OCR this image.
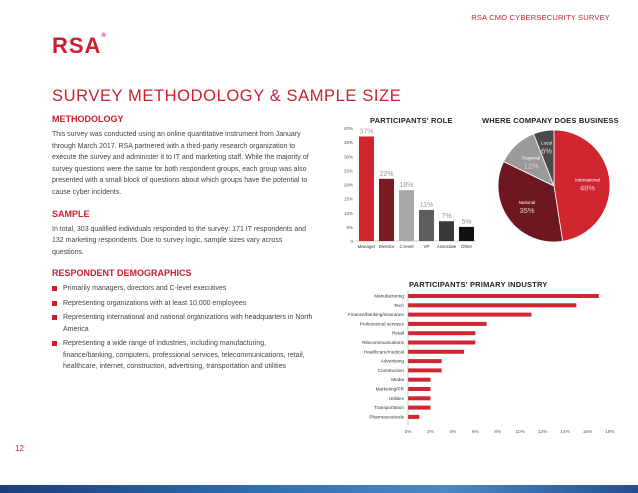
RSA CMO CYBERSECURITY SURVEY
RSA®
SURVEY METHODOLOGY & SAMPLE SIZE
METHODOLOGY
This survey was conducted using an online quantitative instrument from January through March 2017. RSA partnered with a third-party research organization to execute the survey and administer it to IT and marketing staff. While the majority of survey questions were the same for both respondent groups, each group was also presented with a small block of questions about which groups have the potential to cause cyber incidents.
SAMPLE
In total, 303 qualified individuals responded to the survey: 171 IT respondents and 132 marketing respondents. Due to survey logic, sample sizes vary across questions.
RESPONDENT DEMOGRAPHICS
Primarily managers, directors and C-level executives
Representing organizations with at least 10,000 employees
Representing international and national organizations with headquarters in North America
Representing a wide range of industries, including manufacturing, finance/banking, computers, professional services, telecommunications, retail, healthcare, internet, construction, advertising, transportation and utilities
PARTICIPANTS' ROLE
0
5%
10%
15%
20%
25%
30%
35%
40% 37%
Manager
22%
Director
18%
C-level
11%
VP
7%
Associate
5%
Other
WHERE COMPANY DOES BUSINESS
International
48%
National
35%
Regional
12%
Local
6%
PARTICIPANTS' PRIMARY INDUSTRY
Manufacturing
Tech
Finance/banking/insurance
Professional services
Retail
Telecommunications
Healthcare/medical
Advertising
Construction
Media
Marketing/PR
Utilities
Transportation
Pharmaceuticals
0%	2%	4%	6%	8%	10%	12%	14%	16%	18%
12
